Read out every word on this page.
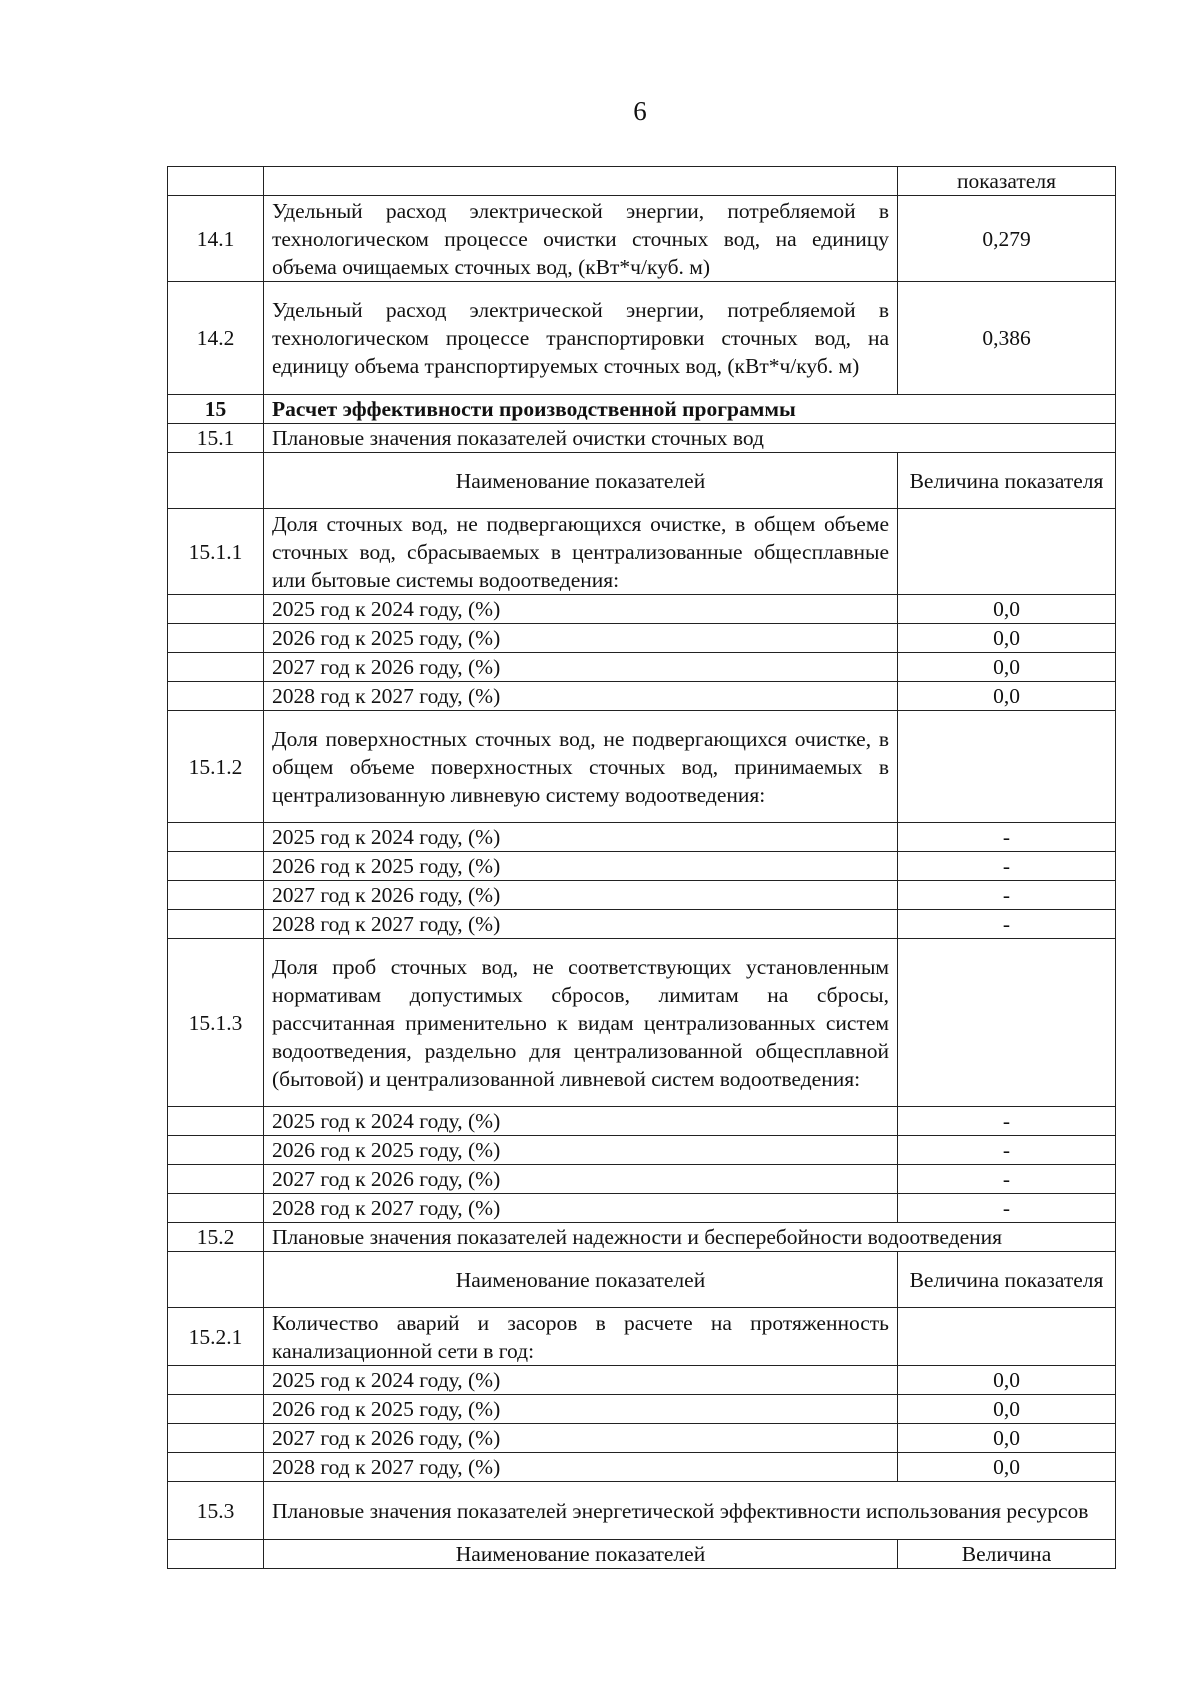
6
		показателя
14.1	Удельный расход электрической энергии, потребляемой в технологическом процессе очистки сточных вод, на единицу объема очищаемых сточных вод, (кВт*ч/куб. м)	0,279
14.2	Удельный расход электрической энергии, потребляемой в технологическом процессе транспортировки сточных вод, на единицу объема транспортируемых сточных вод, (кВт*ч/куб. м)	0,386
15	Расчет эффективности производственной программы	
15.1	Плановые значения показателей очистки сточных вод	
	Наименование показателей	Величина показателя
15.1.1	Доля сточных вод, не подвергающихся очистке, в общем объеме сточных вод, сбрасываемых в централизованные общесплавные или бытовые системы водоотведения:	
	2025 год к 2024 году, (%)	0,0
	2026 год к 2025 году, (%)	0,0
	2027 год к 2026 году, (%)	0,0
	2028 год к 2027 году, (%)	0,0
15.1.2	Доля поверхностных сточных вод, не подвергающихся очистке, в общем объеме поверхностных сточных вод, принимаемых в централизованную ливневую систему водоотведения:	
	2025 год к 2024 году, (%)	-
	2026 год к 2025 году, (%)	-
	2027 год к 2026 году, (%)	-
	2028 год к 2027 году, (%)	-
15.1.3	Доля проб сточных вод, не соответствующих установленным нормативам допустимых сбросов, лимитам на сбросы, рассчитанная применительно к видам централизованных систем водоотведения, раздельно для централизованной общесплавной (бытовой) и централизованной ливневой систем водоотведения:	
	2025 год к 2024 году, (%)	-
	2026 год к 2025 году, (%)	-
	2027 год к 2026 году, (%)	-
	2028 год к 2027 году, (%)	-
15.2	Плановые значения показателей надежности и бесперебойности водоотведения	
	Наименование показателей	Величина показателя
15.2.1	Количество аварий и засоров в расчете на протяженность канализационной сети в год:	
	2025 год к 2024 году, (%)	0,0
	2026 год к 2025 году, (%)	0,0
	2027 год к 2026 году, (%)	0,0
	2028 год к 2027 году, (%)	0,0
15.3	Плановые значения показателей энергетической эффективности использования ресурсов	
	Наименование показателей	Величина
